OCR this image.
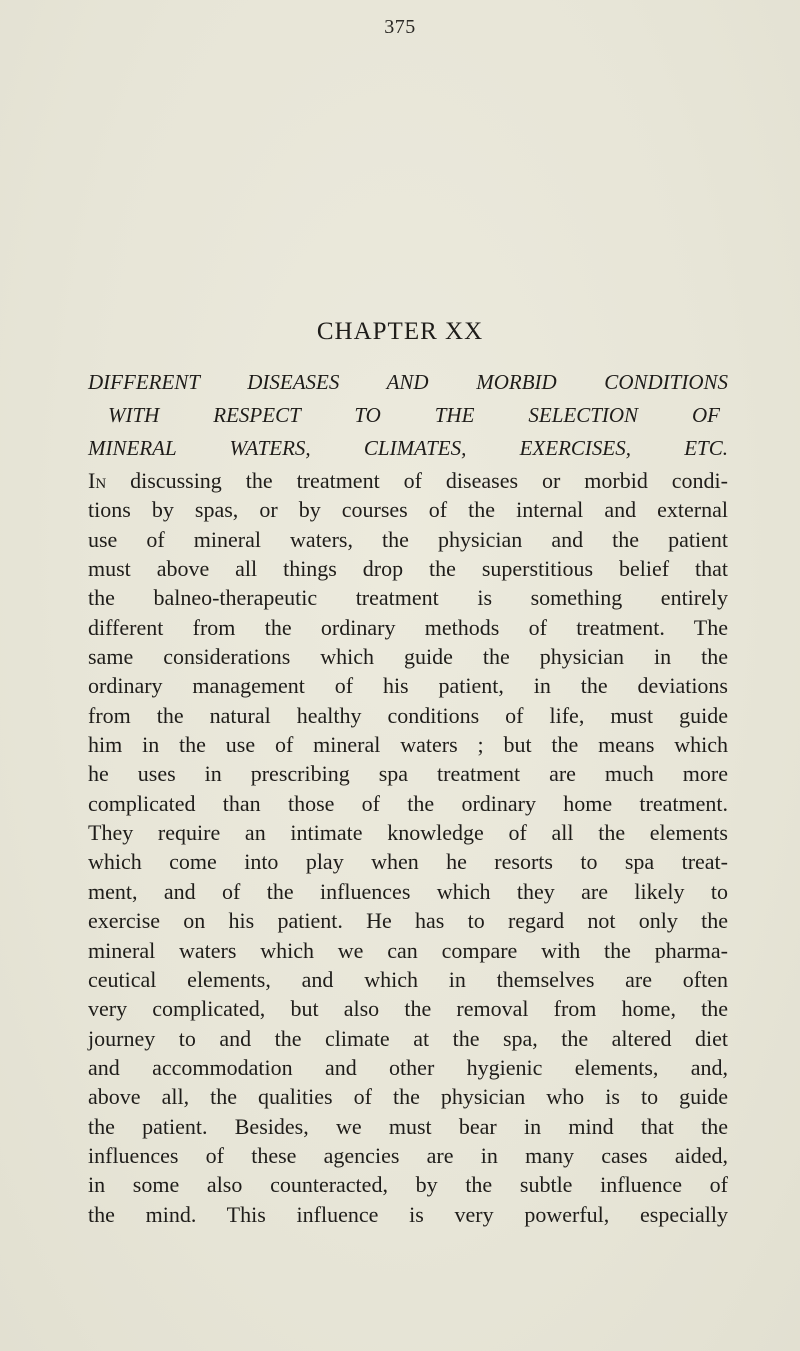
375
CHAPTER XX
DIFFERENT DISEASES AND MORBID CONDITIONS
WITH RESPECT TO THE SELECTION OF
MINERAL WATERS, CLIMATES, EXERCISES, ETC.
In discussing the treatment of diseases or morbid condi-
tions by spas, or by courses of the internal and external
use of mineral waters, the physician and the patient
must above all things drop the superstitious belief that
the balneo-therapeutic treatment is something entirely
different from the ordinary methods of treatment. The
same considerations which guide the physician in the
ordinary management of his patient, in the deviations
from the natural healthy conditions of life, must guide
him in the use of mineral waters ; but the means which
he uses in prescribing spa treatment are much more
complicated than those of the ordinary home treatment.
They require an intimate knowledge of all the elements
which come into play when he resorts to spa treat-
ment, and of the influences which they are likely to
exercise on his patient. He has to regard not only the
mineral waters which we can compare with the pharma-
ceutical elements, and which in themselves are often
very complicated, but also the removal from home, the
journey to and the climate at the spa, the altered diet
and accommodation and other hygienic elements, and,
above all, the qualities of the physician who is to guide
the patient. Besides, we must bear in mind that the
influences of these agencies are in many cases aided,
in some also counteracted, by the subtle influence of
the mind. This influence is very powerful, especially
